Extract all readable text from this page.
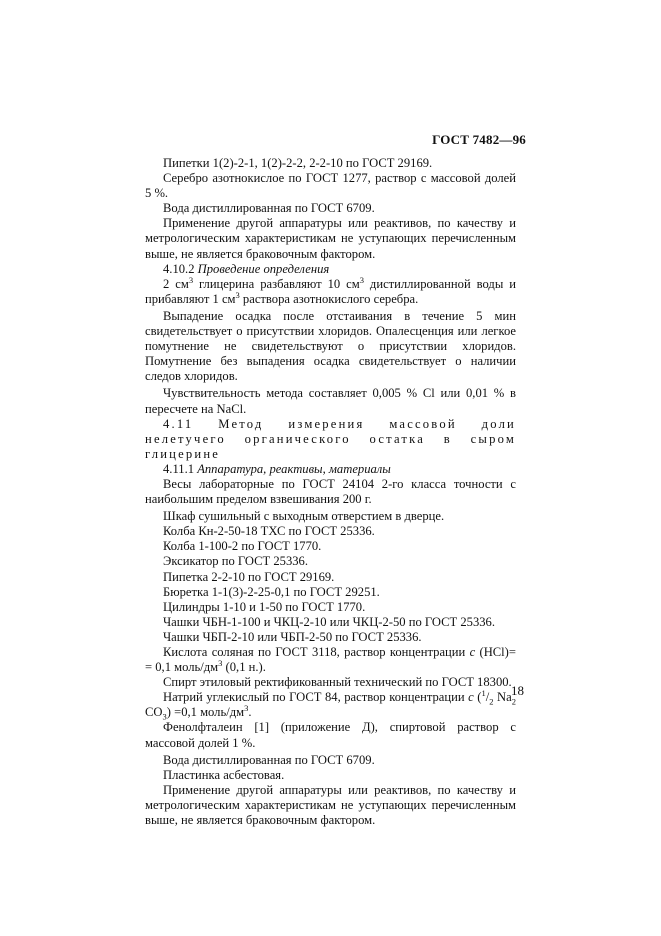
ГОСТ 7482—96

Пипетки 1(2)-2-1, 1(2)-2-2, 2-2-10 по ГОСТ 29169.

Серебро азотнокислое по ГОСТ 1277, раствор с массовой долей 5 %.

Вода дистиллированная по ГОСТ 6709.

Применение другой аппаратуры или реактивов, по качеству и метрологическим характеристикам не уступающих перечисленным выше, не является браковочным фактором.

4.10.2 Проведение определения

2 $см^3$ глицерина разбавляют 10 $см^3$ дистиллированной воды и прибавляют 1 $см^3$ раствора азотнокислого серебра.

Выпадение осадка после отстаивания в течение 5 мин свидетельствует о присутствии хлоридов. Опалесценция или легкое помутнение не свидетельствуют о присутствии хлоридов. Помутнение без выпадения осадка свидетельствует о наличии следов хлоридов.

Чувствительность метода составляет 0,005 % Cl или 0,01 % в пересчете на NaCl.

4.11 Метод измерения массовой доли нелетучего органического остатка в сыром глицерине

4.11.1 Аппаратура, реактивы, материалы

Весы лабораторные по ГОСТ 24104 2-го класса точности с наибольшим пределом взвешивания 200 г.

Шкаф сушильный с выходным отверстием в дверце.

Колба Кн-2-50-18 ТХС по ГОСТ 25336.

Колба 1-100-2 по ГОСТ 1770.

Эксикатор по ГОСТ 25336.

Пипетка 2-2-10 по ГОСТ 29169.

Бюретка 1-1(3)-2-25-0,1 по ГОСТ 29251.

Цилиндры 1-10 и 1-50 по ГОСТ 1770.

Чашки ЧБН-1-100 и ЧКЦ-2-10 или ЧКЦ-2-50 по ГОСТ 25336.

Чашки ЧБП-2-10 или ЧБП-2-50 по ГОСТ 25336.

Кислота соляная по ГОСТ 3118, раствор концентрации c (HCl)= = 0,1 моль/$дм^3$ (0,1 н.).

Спирт этиловый ректификованный технический по ГОСТ 18300.

Натрий углекислый по ГОСТ 84, раствор концентрации c ($^1/_2$ $Na_2$ $CO_3) =0,1$ моль/$дм^3$.

Фенолфталеин [1] (приложение Д), спиртовой раствор с массовой долей 1 %.

Вода дистиллированная по ГОСТ 6709.

Пластинка асбестовая.

Применение другой аппаратуры или реактивов, по качеству и метрологическим характеристикам не уступающих перечисленным выше, не является браковочным фактором.

18
